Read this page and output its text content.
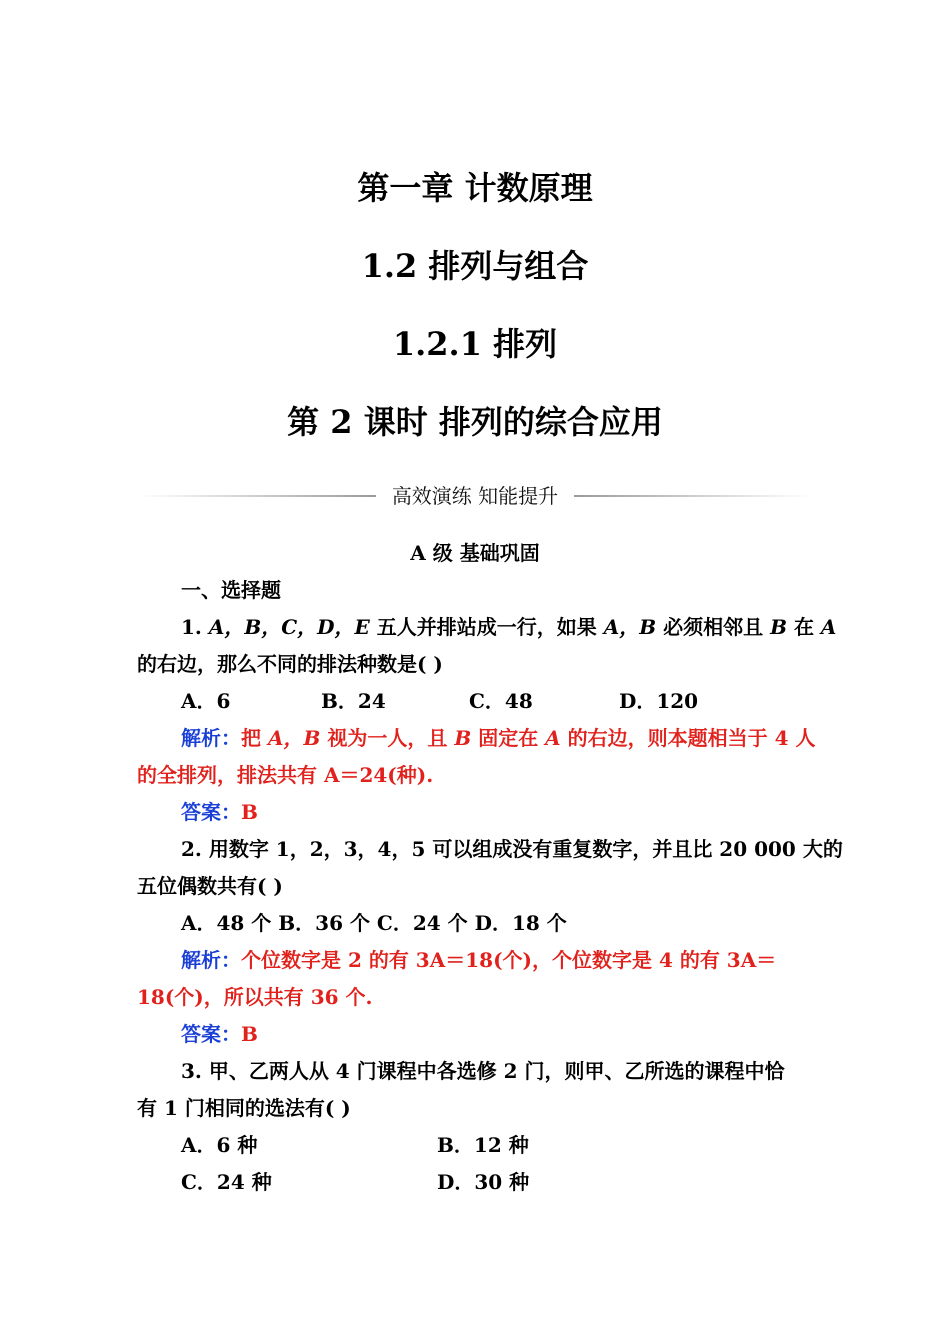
第一章 计数原理
1.2 排列与组合
1.2.1 排列
第 2 课时 排列的综合应用
高效演练 知能提升
A 级 基础巩固
一、选择题
1. A，B，C，D，E 五人并排站成一行，如果 A，B 必须相邻且 B 在 A
的右边，那么不同的排法种数是( )
A．6	B．24	C．48	D．120
解析：把 A，B 视为一人，且 B 固定在 A 的右边，则本题相当于 4 人
的全排列，排法共有 A＝24(种).
答案：B
2. 用数字 1，2，3，4，5 可以组成没有重复数字，并且比 20 000 大的
五位偶数共有( )
A．48 个 B．36 个 C．24 个 D．18 个
解析：个位数字是 2 的有 3A＝18(个)，个位数字是 4 的有 3A＝
18(个)，所以共有 36 个.
答案：B
3. 甲、乙两人从 4 门课程中各选修 2 门，则甲、乙所选的课程中恰
有 1 门相同的选法有( )
A．6 种	B．12 种
C．24 种	D．30 种
